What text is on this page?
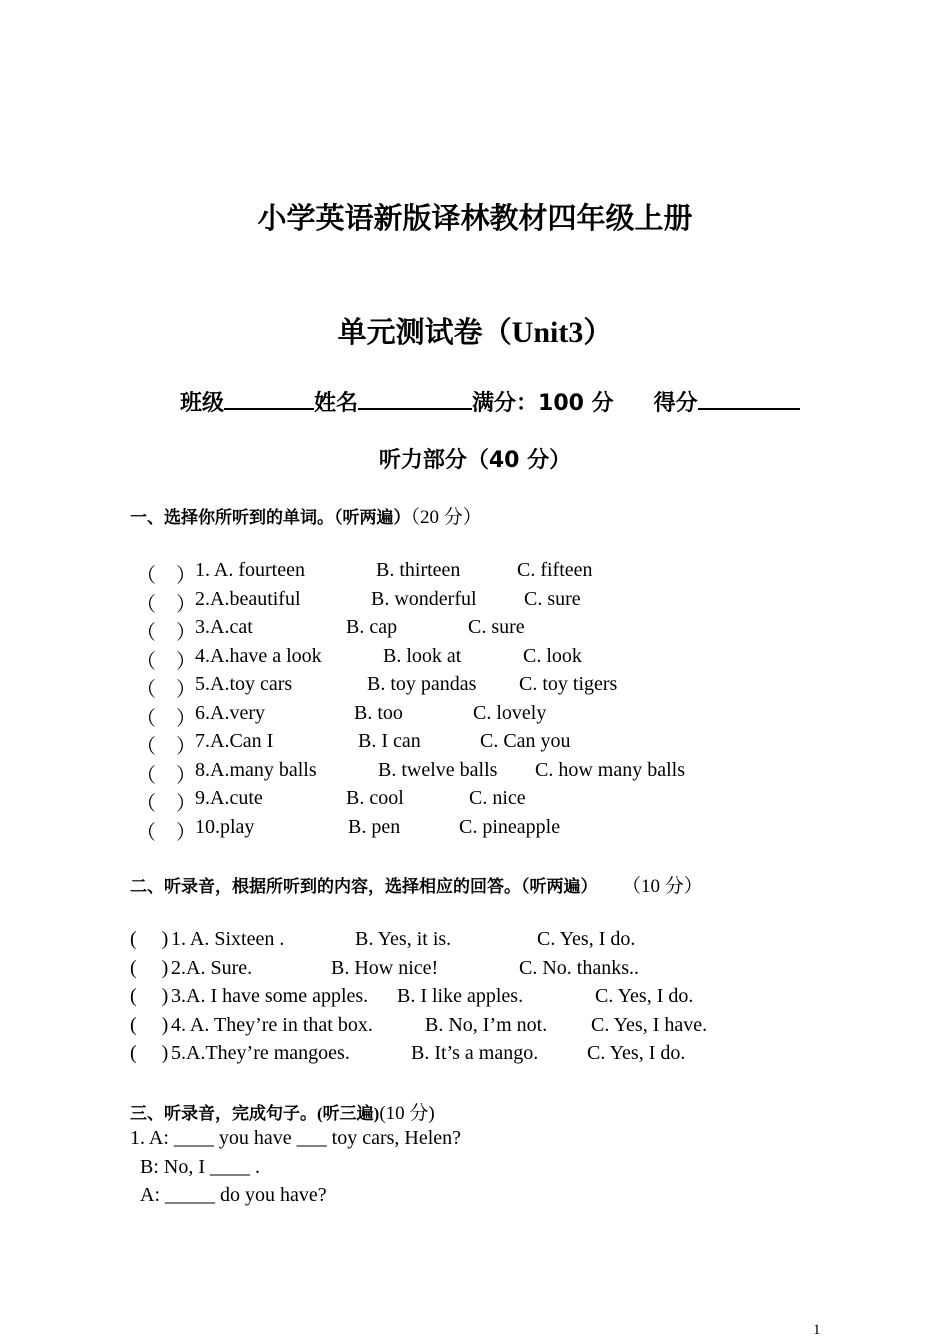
小学英语新版译林教材四年级上册
单元测试卷（Unit3）
班级	姓名	满分：100 分 得分
听力部分（40 分）
一、选择你所听到的单词。（听两遍）（20 分）
（    ） 1. A. fourteen	B. thirteen	C. fifteen
（    ） 2.A.beautiful	B. wonderful C. sure
（    ） 3.A.cat	B. cap	C. sure
（    ） 4.A.have a look	B. look at	C. look
（    ） 5.A.toy cars	B. toy pandas C. toy tigers
（    ） 6.A.very	B. too	C. lovely
（    ） 7.A.Can I	B. I can	C. Can you
（    ） 8.A.many balls	B. twelve balls C. how many balls
（    ） 9.A.cute	B. cool	C. nice
（    ） 10.play	B. pen	C. pineapple
二、听录音，根据所听到的内容，选择相应的回答。（听两遍） （10 分）
(     ) 1. A. Sixteen .	B. Yes, it is.	C. Yes, I do.
(     ) 2.A. Sure.	B. How nice!	C. No. thanks..
(     ) 3.A. I have some apples. B. I like apples.	C. Yes, I do.
(     ) 4. A. They’re in that box.	B. No, I’m not. C. Yes, I have.
(     ) 5.A.They’re mangoes.	B. It’s a mango. C. Yes, I do.
三、听录音，完成句子。(听三遍)(10 分)
1. A: ____ you have ___ toy cars, Helen?
B: No, I ____ .
A: _____ do you have?
1
